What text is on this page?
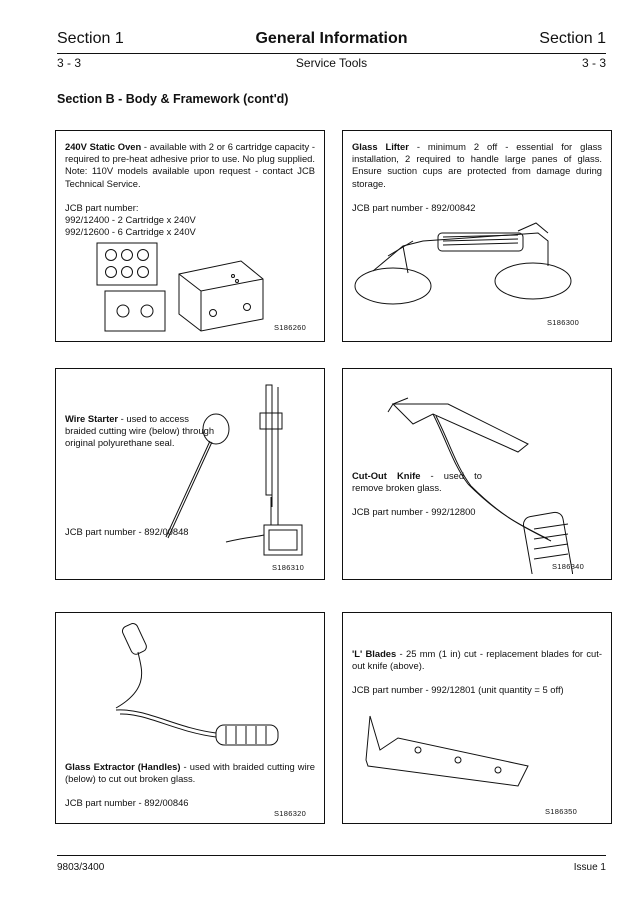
Section 1	General Information	Section 1
3 - 3	Service Tools	3 - 3
Section B - Body & Framework (cont'd)

240V Static Oven - available with 2 or 6 cartridge capacity - required to pre-heat adhesive prior to use. No plug supplied. Note: 110V models available upon request - contact JCB Technical Service.

JCB part number:
992/12400 - 2 Cartridge x 240V
992/12600 - 6 Cartridge x 240V
S186260

Glass Lifter - minimum 2 off - essential for glass installation, 2 required to handle large panes of glass. Ensure suction cups are protected from damage during storage.

JCB part number - 892/00842
S186300

Wire Starter - used to access braided cutting wire (below) through original polyurethane seal.

JCB part number - 892/00848
S186310

Cut-Out Knife - used to remove broken glass.

JCB part number - 992/12800
S186340

Glass Extractor (Handles) - used with braided cutting wire (below) to cut out broken glass.

JCB part number - 892/00846
S186320

'L' Blades - 25 mm (1 in) cut - replacement blades for cut-out knife (above).

JCB part number - 992/12801 (unit quantity = 5 off)
S186350
9803/3400	Issue 1
